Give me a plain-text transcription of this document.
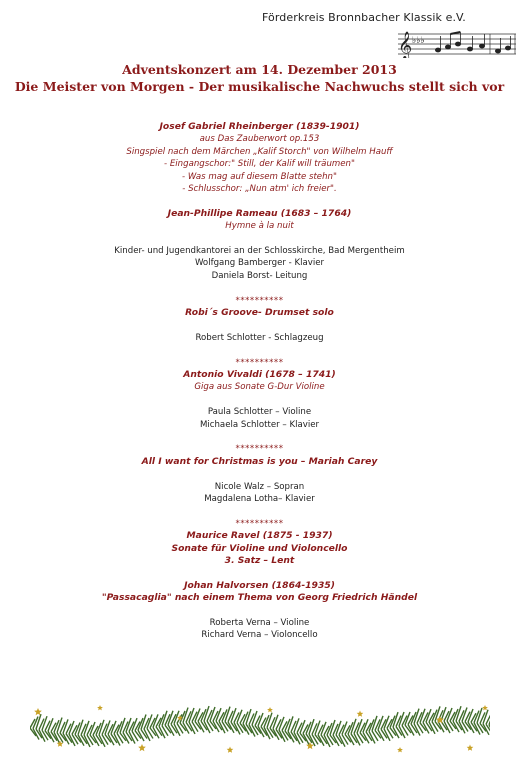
Förderkreis Bronnbacher Klassik e.V.
𝄞 ♭♭♭
Adventskonzert am 14. Dezember 2013
Die Meister von Morgen - Der musikalische Nachwuchs stellt sich vor
Josef Gabriel Rheinberger (1839-1901)
aus Das Zauberwort op.153
Singspiel nach dem Märchen „Kalif Storch" von Wilhelm Hauff
- Eingangschor:" Still, der Kalif will träumen"
- Was mag auf diesem Blatte stehn"
- Schlusschor: „Nun atm' ich freier".
Jean-Phillipe Rameau (1683 – 1764)
Hymne à la nuit
Kinder- und Jugendkantorei an der Schlosskirche, Bad Mergentheim
Wolfgang Bamberger - Klavier
Daniela Borst- Leitung
**********
Robi´s Groove- Drumset solo
Robert Schlotter - Schlagzeug
**********
Antonio Vivaldi (1678 – 1741)
Giga aus Sonate G-Dur Violine
Paula Schlotter – Violine
Michaela Schlotter – Klavier
**********
All I want for Christmas is you – Mariah Carey
Nicole Walz – Sopran
Magdalena Lotha– Klavier
**********
Maurice Ravel (1875 - 1937)
Sonate für Violine und Violoncello
3. Satz – Lent
Johan Halvorsen (1864-1935)
"Passacaglia" nach einem Thema von Georg Friedrich Händel
Roberta Verna – Violine
Richard Verna – Violoncello
